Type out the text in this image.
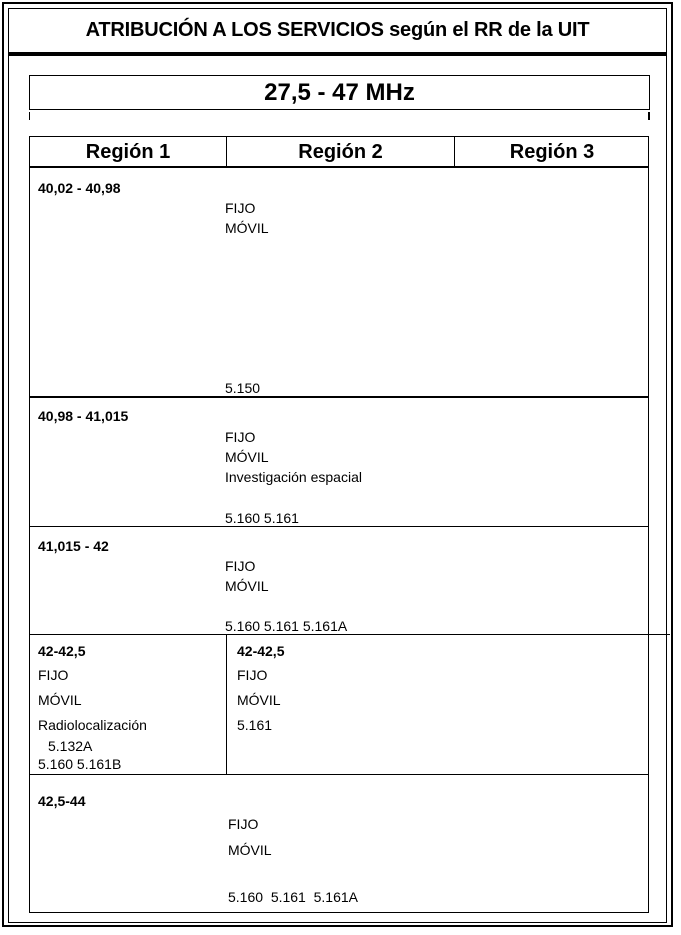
ATRIBUCIÓN A LOS SERVICIOS según el RR de la UIT
27,5 - 47 MHz
Región 1	Región 2	Región 3
40,02 - 40,98
FIJO
MÓVIL
5.150
40,98 - 41,015
FIJO
MÓVIL
Investigación espacial
5.160 5.161
41,015 - 42
FIJO
MÓVIL
5.160 5.161 5.161A
42-42,5
FIJO
MÓVIL
Radiolocalización
5.132A
5.160 5.161B
42-42,5
FIJO
MÓVIL
5.161
42,5-44
FIJO
MÓVIL
5.160  5.161  5.161A
